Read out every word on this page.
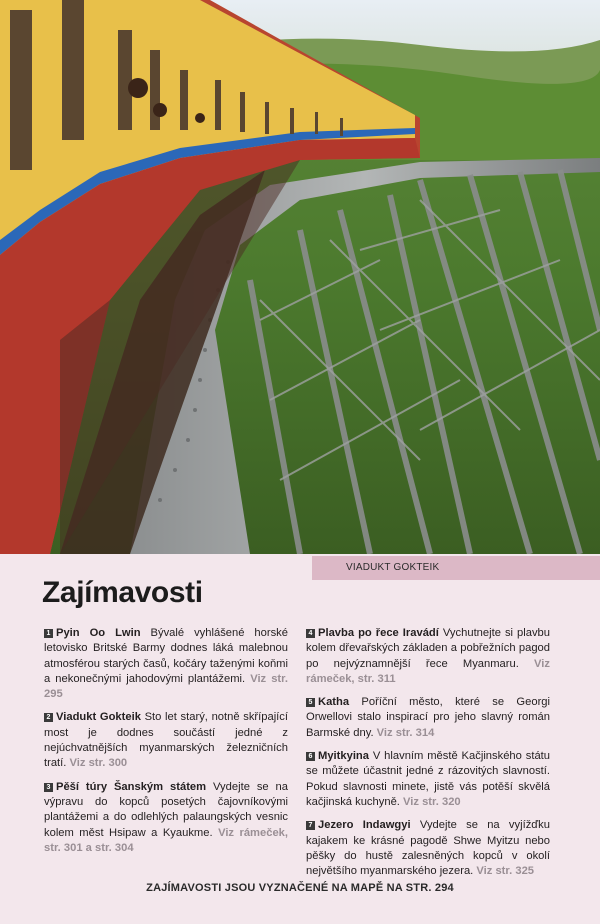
VIADUKT GOKTEIK
Zajímavosti

1 Pyin Oo Lwin Bývalé vyhlášené horské letovisko Britské Barmy dodnes láká malebnou atmosférou starých časů, kočáry taženými koňmi a nekonečnými jahodovými plantážemi. Viz str. 295

2 Viadukt Gokteik Sto let starý, notně skřípající most je dodnes součástí jedné z nejúchvatnějších myanmarských železničních tratí. Viz str. 300

3 Pěší túry Šanským státem Vydejte se na výpravu do kopců posetých čajovníkovými plantážemi a do odlehlých palaungských vesnic kolem měst Hsipaw a Kyaukme. Viz rámeček, str. 301 a str. 304

4 Plavba po řece Iravádí Vychutnejte si plavbu kolem dřevařských základen a pobřežních pagod po nejvýznamnější řece Myanmaru. Viz rámeček, str. 311

5 Katha Poříční město, které se Georgi Orwellovi stalo inspirací pro jeho slavný román Barmské dny. Viz str. 314

6 Myitkyina V hlavním městě Kačjinského státu se můžete účastnit jedné z rázovitých slavností. Pokud slavnosti minete, jistě vás potěší skvělá kačjinská kuchyně. Viz str. 320

7 Jezero Indawgyi Vydejte se na vyjížďku kajakem ke krásné pagodě Shwe Myitzu nebo pěšky do hustě zalesněných kopců v okolí největšího myanmarského jezera. Viz str. 325

ZAJÍMAVOSTI JSOU VYZNAČENÉ NA MAPĚ NA STR. 294
